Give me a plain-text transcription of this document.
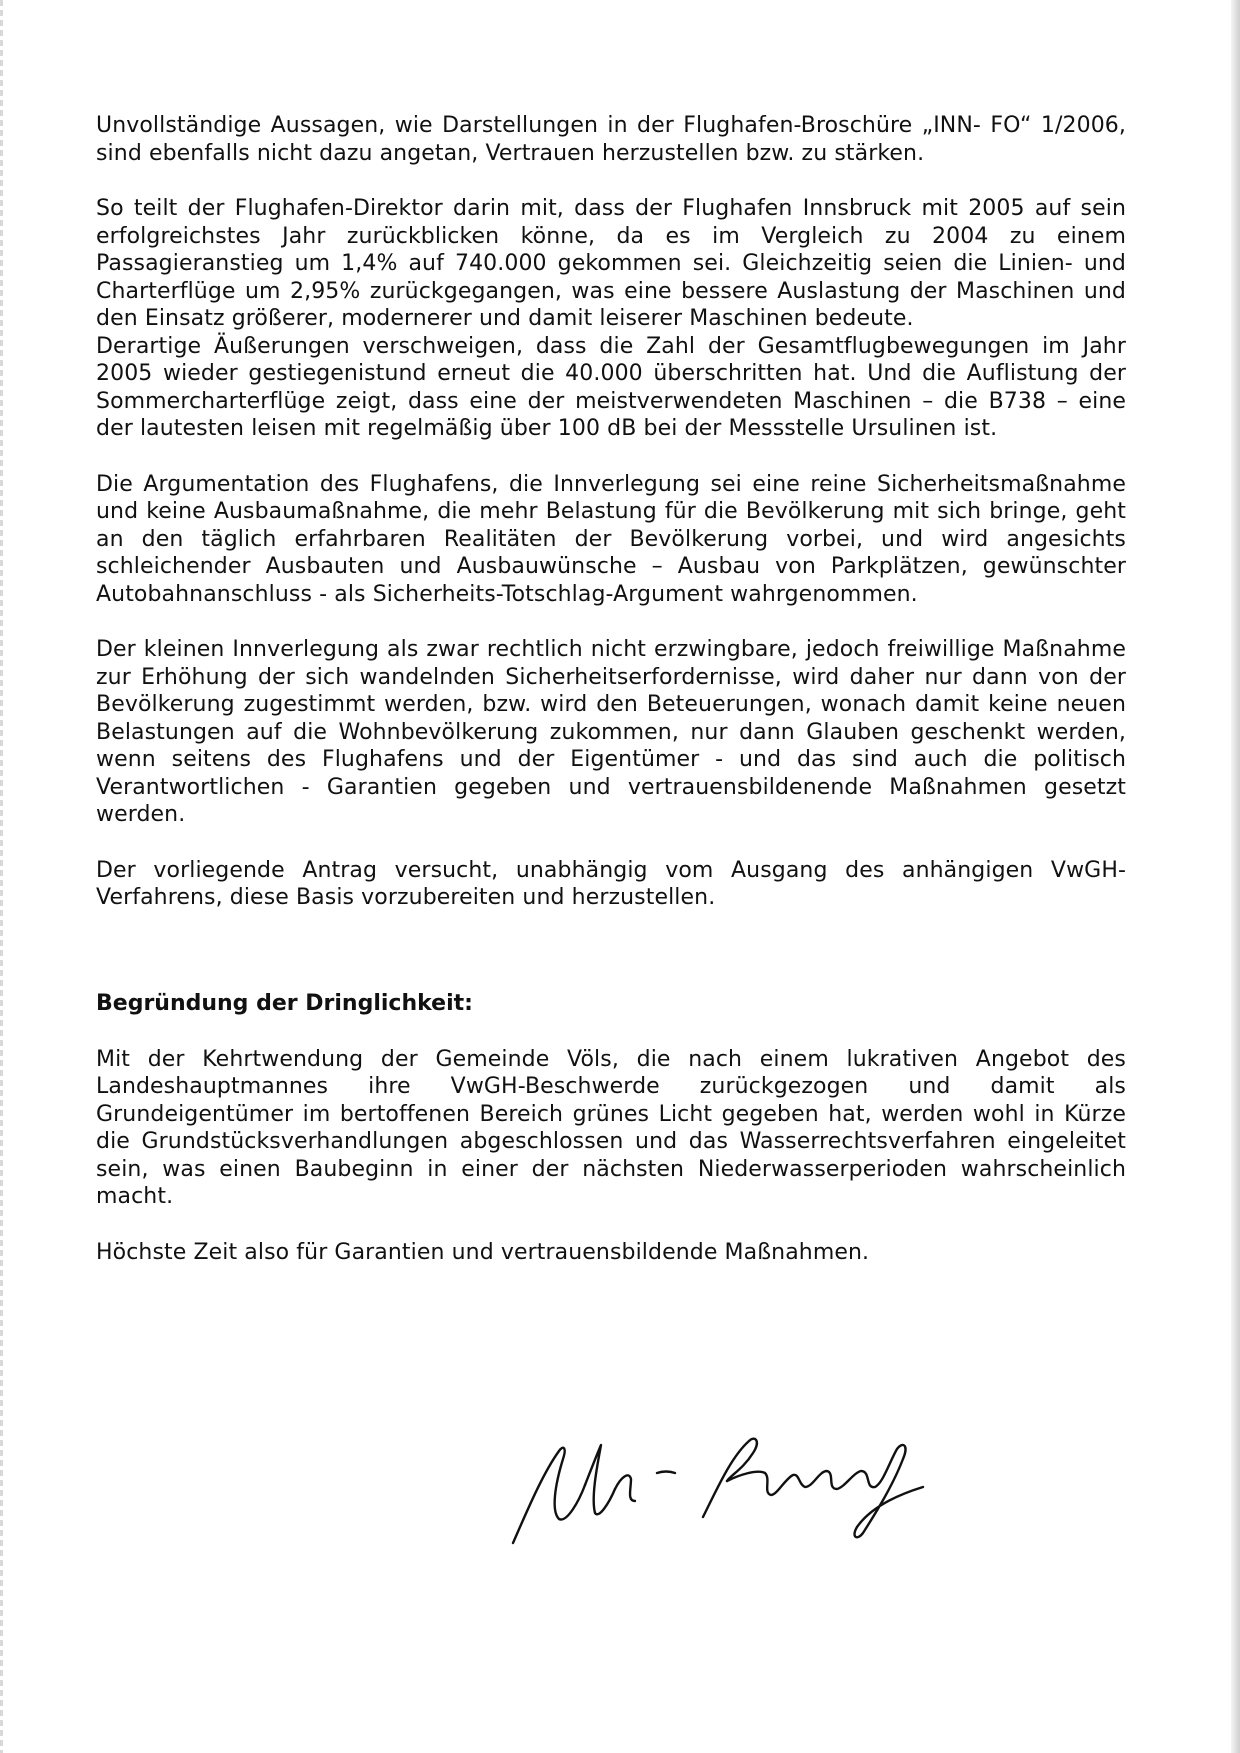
Unvollständige Aussagen, wie Darstellungen in der Flughafen-Broschüre „INN- FO“ 1/2006, sind ebenfalls nicht dazu angetan, Vertrauen herzustellen bzw. zu stärken.

So teilt der Flughafen-Direktor darin mit, dass der Flughafen Innsbruck mit 2005 auf sein erfolgreichstes Jahr zurückblicken könne, da es im Vergleich zu 2004 zu einem Passagieranstieg um 1,4% auf 740.000 gekommen sei. Gleichzeitig seien die Linien- und Charterflüge um 2,95% zurückgegangen, was eine bessere Auslastung der Maschinen und den Einsatz größerer, modernerer und damit leiserer Maschinen bedeute.

Derartige Äußerungen verschweigen, dass die Zahl der Gesamtflugbewegungen im Jahr 2005 wieder gestiegenistund erneut die 40.000 überschritten hat. Und die Auflistung der Sommercharterflüge zeigt, dass eine der meistverwendeten Maschinen – die B738 – eine der lautesten leisen mit regelmäßig über 100 dB bei der Messstelle Ursulinen ist.

Die Argumentation des Flughafens, die Innverlegung sei eine reine Sicherheitsmaßnahme und keine Ausbaumaßnahme, die mehr Belastung für die Bevölkerung mit sich bringe, geht an den täglich erfahrbaren Realitäten der Bevölkerung vorbei, und wird angesichts schleichender Ausbauten und Ausbauwünsche – Ausbau von Parkplätzen, gewünschter Autobahnanschluss - als Sicherheits-Totschlag-Argument wahrgenommen.

Der kleinen Innverlegung als zwar rechtlich nicht erzwingbare, jedoch freiwillige Maßnahme zur Erhöhung der sich wandelnden Sicherheitserfordernisse, wird daher nur dann von der Bevölkerung zugestimmt werden, bzw. wird den Beteuerungen, wonach damit keine neuen Belastungen auf die Wohnbevölkerung zukommen, nur dann Glauben geschenkt werden, wenn seitens des Flughafens und der Eigentümer - und das sind auch die politisch Verantwortlichen - Garantien gegeben und vertrauensbildenende Maßnahmen gesetzt werden.

Der vorliegende Antrag versucht, unabhängig vom Ausgang des anhängigen VwGH-Verfahrens, diese Basis vorzubereiten und herzustellen.

Begründung der Dringlichkeit:

Mit der Kehrtwendung der Gemeinde Völs, die nach einem lukrativen Angebot des Landeshauptmannes ihre VwGH-Beschwerde zurückgezogen und damit als Grundeigentümer im bertoffenen Bereich grünes Licht gegeben hat, werden wohl in Kürze die Grundstücksverhandlungen abgeschlossen und das Wasserrechtsverfahren eingeleitet sein, was einen Baubeginn in einer der nächsten Niederwasserperioden wahrscheinlich macht.

Höchste Zeit also für Garantien und vertrauensbildende Maßnahmen.
